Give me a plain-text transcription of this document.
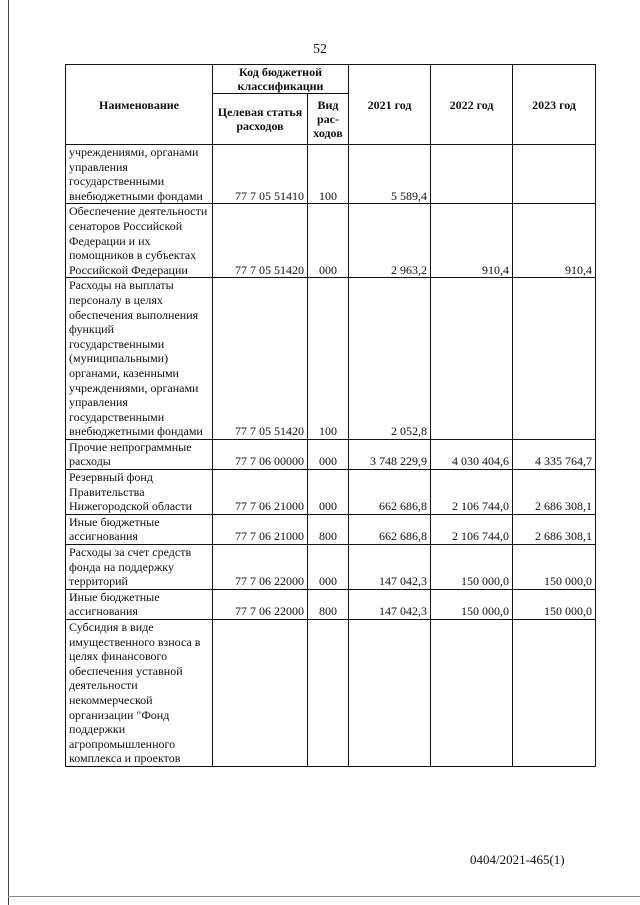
52
Наименование	Код бюджетной классификации		2021 год	2022 год	2023 год
	Целевая статья расходов	Вид рас-ходов			
учреждениями, органами управления государственными внебюджетными фондами	77 7 05 51410	100	5 589,4		
Обеспечение деятельности сенаторов Российской Федерации и их помощников в субъектах Российской Федерации	77 7 05 51420	000	2 963,2	910,4	910,4
Расходы на выплаты персоналу в целях обеспечения выполнения функций государственными (муниципальными) органами, казенными учреждениями, органами управления государственными внебюджетными фондами	77 7 05 51420	100	2 052,8		
Прочие непрограммные расходы	77 7 06 00000	000	3 748 229,9	4 030 404,6	4 335 764,7
Резервный фонд Правительства Нижегородской области	77 7 06 21000	000	662 686,8	2 106 744,0	2 686 308,1
Иные бюджетные ассигнования	77 7 06 21000	800	662 686,8	2 106 744,0	2 686 308,1
Расходы за счет средств фонда на поддержку территорий	77 7 06 22000	000	147 042,3	150 000,0	150 000,0
Иные бюджетные ассигнования	77 7 06 22000	800	147 042,3	150 000,0	150 000,0
Субсидия в виде имущественного взноса в целях финансового обеспечения уставной деятельности некоммерческой организации "Фонд поддержки агропромышленного комплекса и проектов					
0404/2021-465(1)
